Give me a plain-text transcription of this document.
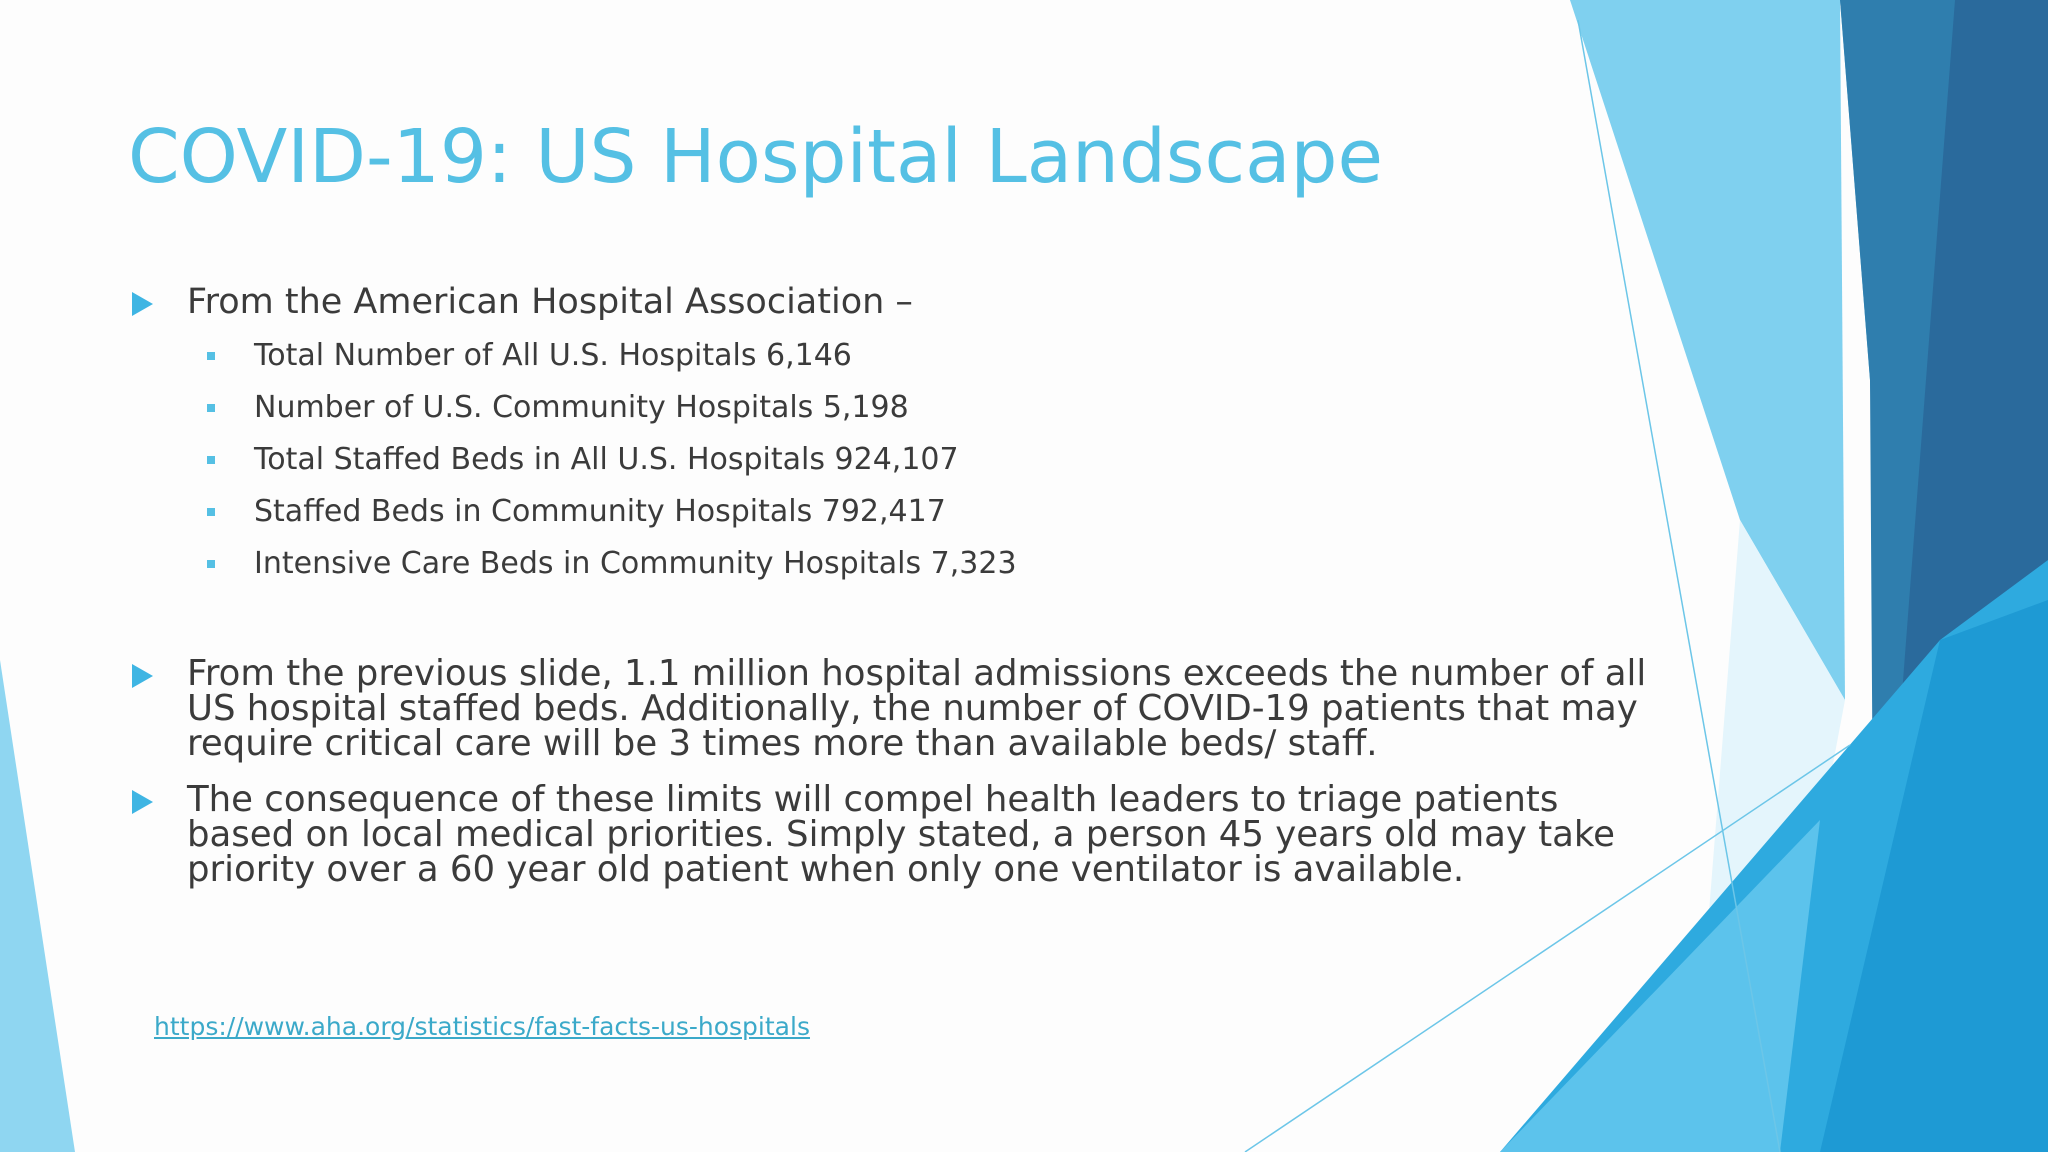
COVID-19: US Hospital Landscape
From the American Hospital Association –
Total Number of All U.S. Hospitals 6,146
Number of U.S. Community Hospitals 5,198
Total Staffed Beds in All U.S. Hospitals 924,107
Staffed Beds in Community Hospitals 792,417
Intensive Care Beds in Community Hospitals 7,323
From the previous slide, 1.1 million hospital admissions exceeds the number of all
US hospital staffed beds. Additionally, the number of COVID-19 patients that may
require critical care will be 3 times more than available beds/ staff.
The consequence of these limits will compel health leaders to triage patients
based on local medical priorities. Simply stated, a person 45 years old may take
priority over a 60 year old patient when only one ventilator is available.
https://www.aha.org/statistics/fast-facts-us-hospitals
